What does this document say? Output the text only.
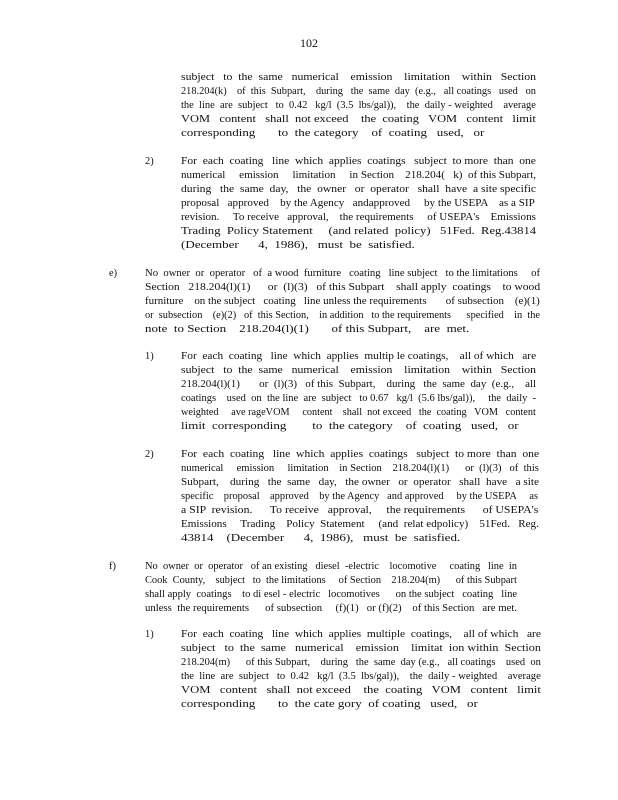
102
subject   to  the  same   numerical    emission    limitation    within   Section
218.204(k)    of  this  Subpart,    during   the  same  day  (e.g.,   all coatings   used   on
the  line  are  subject   to  0.42   kg/l  (3.5  lbs/gal)),    the  daily - weighted    average
VOM   content   shall  not exceed    the  coating   VOM   content   limit
corresponding       to  the category    of  coating   used,   or
2)	For  each  coating   line  which  applies  coatings   subject  to more  than  one
numerical     emission     limitation     in Section    218.204(   k)  of this Subpart,
during   the  same  day,   the  owner   or  operator   shall  have  a site specific
proposal   approved    by the Agency   andapproved     by the USEPA    as a SIP
revision.     To receive   approval,    the requirements     of USEPA's    Emissions
Trading  Policy Statement     (and related  policy)   51Fed.  Reg.43814
(December      4,  1986),   must  be  satisfied.
e)	No  owner  or  operator   of  a wood  furniture   coating   line subject   to the limitations     of
Section   218.204(l)(1)      or  (l)(3)   of this Subpart    shall apply  coatings    to wood
furniture    on the subject   coating   line unless the requirements       of subsection    (e)(1)
or  subsection    (e)(2)   of  this Section,    in addition   to the requirements      specified    in  the
note  to Section    218.204(l)(1)       of this Subpart,    are  met.
1)	For  each  coating   line  which  applies  multip le coatings,    all of which   are
subject   to  the  same   numerical    emission    limitation    within   Section
218.204(l)(1)       or  (l)(3)   of this  Subpart,    during   the  same  day  (e.g.,    all
coatings    used  on  the line  are  subject   to 0.67   kg/l  (5.6 lbs/gal)),     the  daily  -
weighted     ave rageVOM     content    shall  not exceed   the  coating   VOM   content
limit  corresponding        to  the category    of  coating   used,   or
2)	For  each  coating   line  which  applies  coatings   subject  to more  than  one
numerical     emission     limitation    in Section    218.204(l)(1)      or  (l)(3)   of  this
Subpart,    during   the  same   day,   the owner   or  operator   shall  have   a site
specific    proposal    approved    by the Agency   and approved     by the USEPA     as
a SIP  revision.      To receive   approval,     the requirements      of USEPA's
Emissions     Trading    Policy  Statement     (and  relat edpolicy)    51Fed.   Reg.
43814    (December      4,  1986),   must  be  satisfied.
f)	No  owner  or  operator   of an existing   diesel  -electric    locomotive     coating   line  in
Cook  County,    subject   to  the limitations     of Section    218.204(m)      of this Subpart
shall apply  coatings    to di esel - electric   locomotives      on the subject   coating   line
unless  the requirements      of subsection     (f)(1)   or (f)(2)    of this Section   are met.
1)	For  each  coating   line  which  applies  multiple  coatings,    all of which   are
subject   to  the  same   numerical    emission    limitat  ion within  Section
218.204(m)      of this Subpart,    during   the  same  day (e.g.,   all coatings    used  on
the  line  are  subject   to  0.42   kg/l  (3.5  lbs/gal)),    the  daily - weighted    average
VOM   content   shall  not exceed    the  coating   VOM   content   limit
corresponding       to  the cate gory  of coating   used,   or
